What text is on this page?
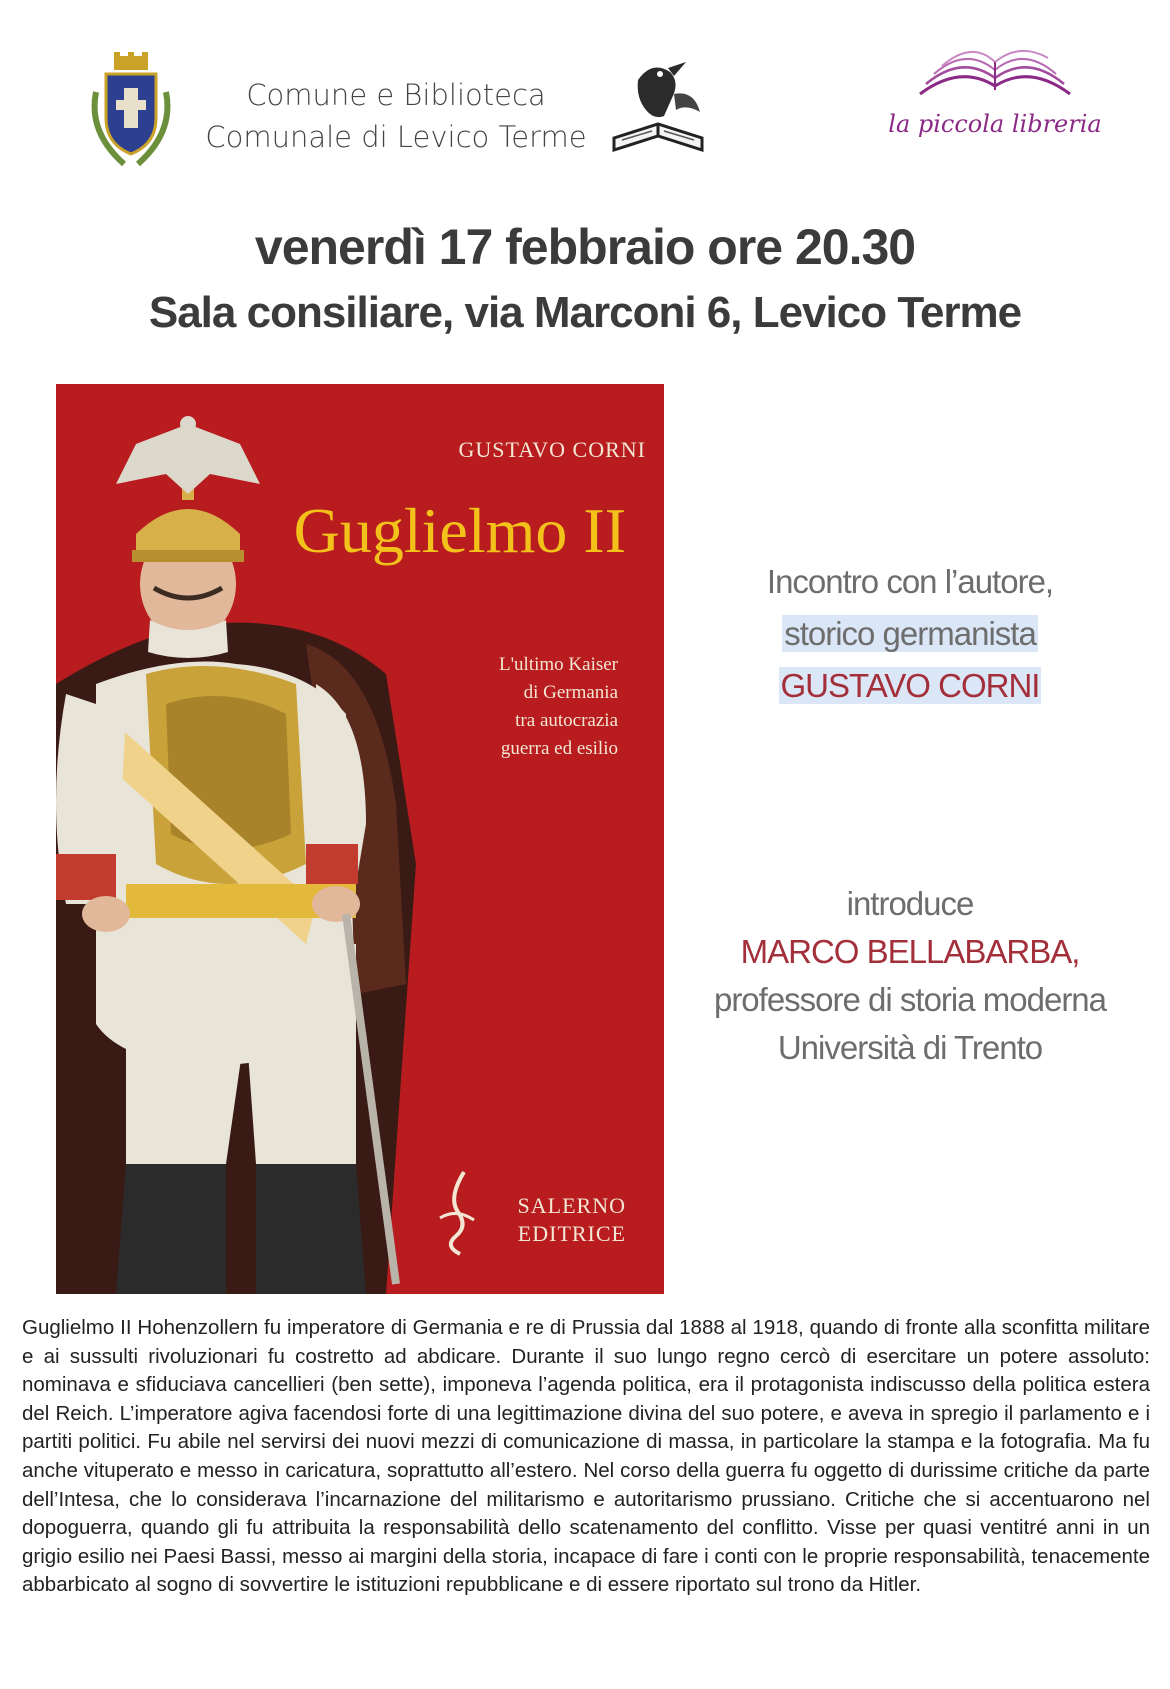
Comune e Biblioteca
Comunale di Levico Terme	la piccola libreria
venerdì 17 febbraio ore 20.30
Sala consiliare, via Marconi 6, Levico Terme
GUSTAVO CORNI
Guglielmo II
L'ultimo Kaiser
di Germania
tra autocrazia
guerra ed esilio
SALERNO
EDITRICE
Incontro con l’autore,
storico germanista
GUSTAVO CORNI
introduce
MARCO BELLABARBA,
professore di storia moderna
Università di Trento

Guglielmo II Hohenzollern fu imperatore di Germania e re di Prussia dal 1888 al 1918, quando di fronte alla sconfitta militare e ai sussulti rivoluzionari fu costretto ad abdicare. Durante il suo lungo regno cercò di esercitare un potere assoluto: nominava e sfiduciava cancellieri (ben sette), imponeva l’agenda politica, era il protagonista indiscusso della politica estera del Reich. L’imperatore agiva facendosi forte di una legittimazione divina del suo potere, e aveva in spregio il parlamento e i partiti politici. Fu abile nel servirsi dei nuovi mezzi di comunicazione di massa, in particolare la stampa e la fotografia. Ma fu anche vituperato e messo in caricatura, soprattutto all’estero. Nel corso della guerra fu oggetto di durissime critiche da parte dell’Intesa, che lo considerava l’incarnazione del militarismo e autoritarismo prussiano. Critiche che si accentuarono nel dopoguerra, quando gli fu attribuita la responsabilità dello scatenamento del conflitto. Visse per quasi ventitré anni in un grigio esilio nei Paesi Bassi, messo ai margini della storia, incapace di fare i conti con le proprie responsabilità, tenacemente abbarbicato al sogno di sovvertire le istituzioni repubblicane e di essere riportato sul trono da Hitler.
